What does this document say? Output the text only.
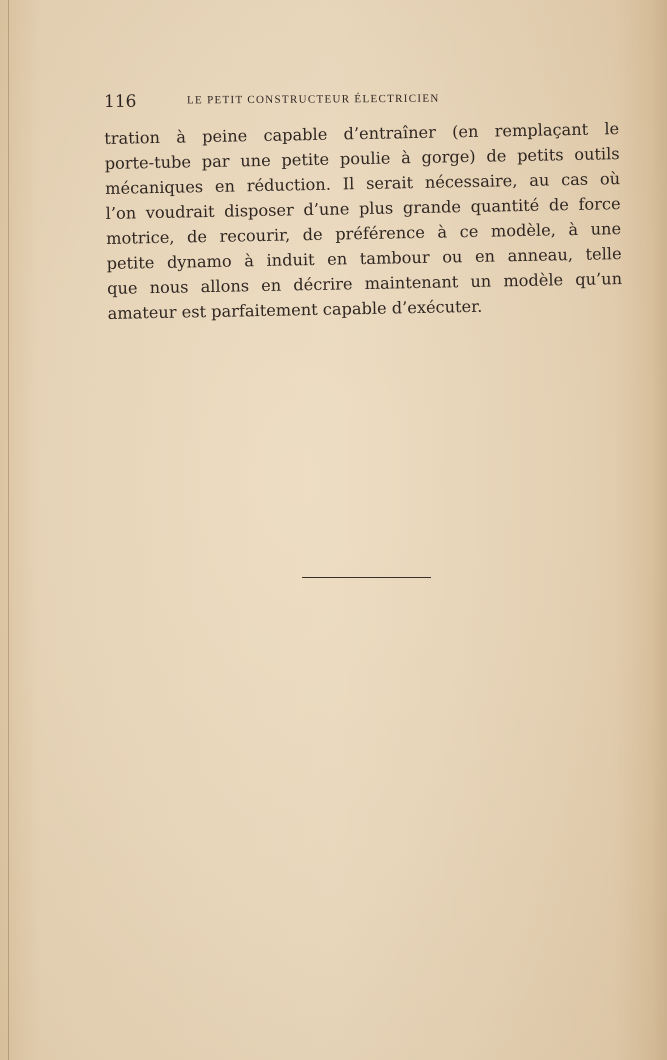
116	LE PETIT CONSTRUCTEUR ÉLECTRICIEN
tration à peine capable d’entraîner (en remplaçant le
porte-tube par une petite poulie à gorge) de petits outils
mécaniques en réduction. Il serait nécessaire, au cas où
l’on voudrait disposer d’une plus grande quantité de force
motrice, de recourir, de préférence à ce modèle, à une
petite dynamo à induit en tambour ou en anneau, telle
que nous allons en décrire maintenant un modèle qu’un
amateur est parfaitement capable d’exécuter.
